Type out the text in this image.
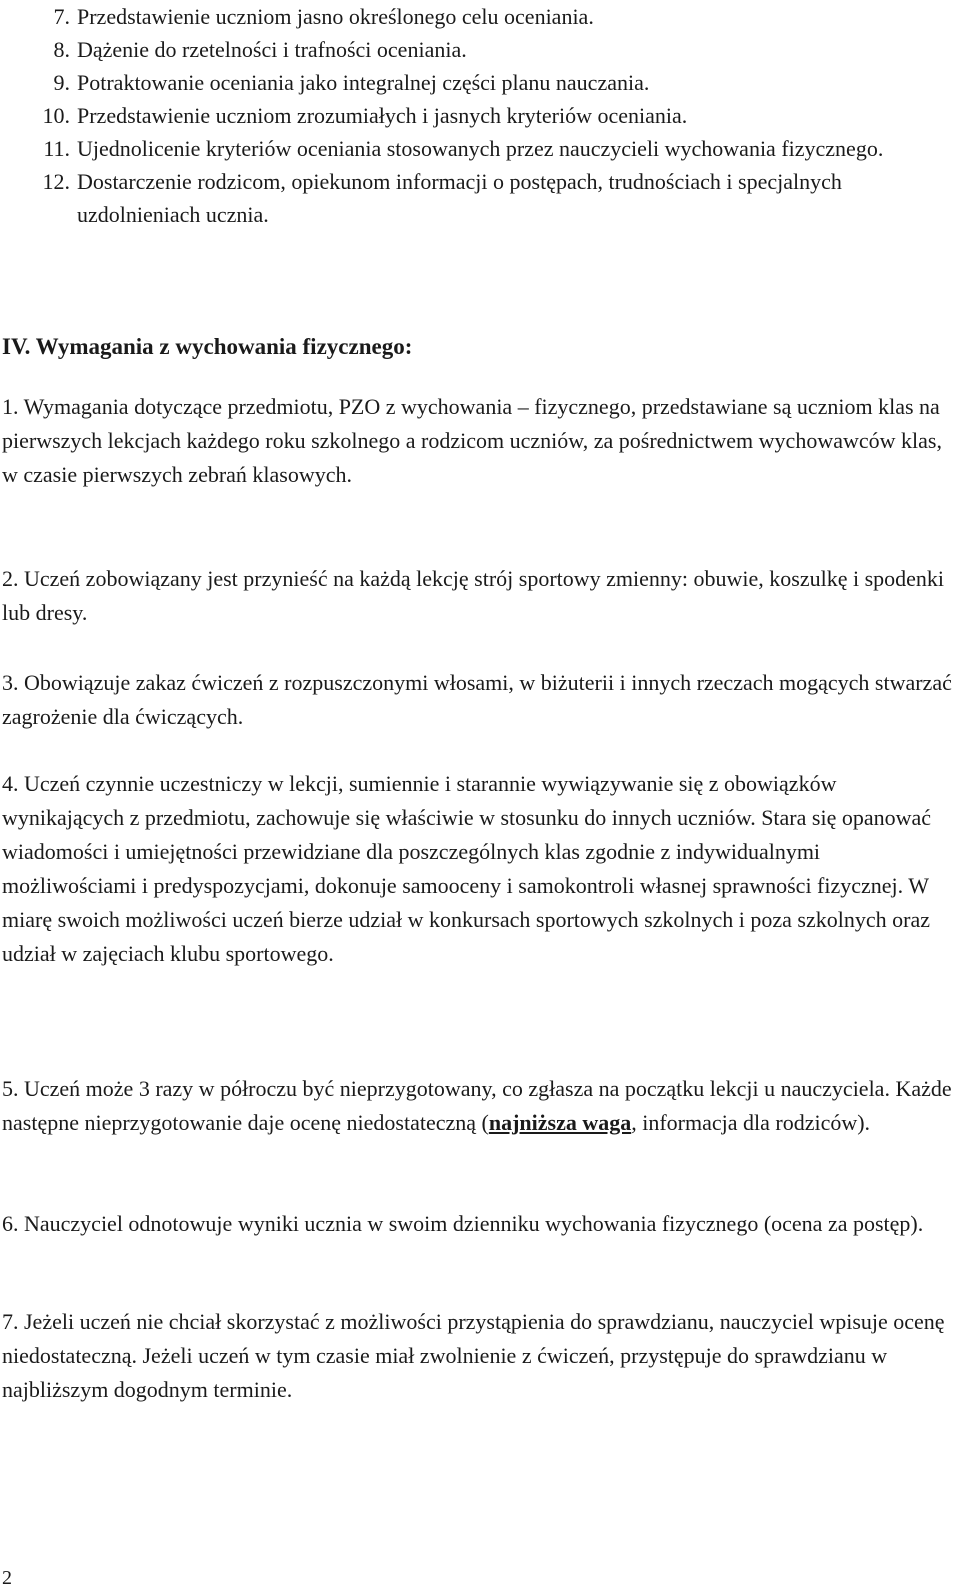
7. Przedstawienie uczniom jasno określonego celu oceniania.
8. Dążenie do rzetelności i trafności oceniania.
9. Potraktowanie oceniania jako integralnej części planu nauczania.
10. Przedstawienie uczniom zrozumiałych i jasnych kryteriów oceniania.
11. Ujednolicenie kryteriów oceniania stosowanych przez nauczycieli wychowania fizycznego.
12. Dostarczenie rodzicom, opiekunom informacji o postępach, trudnościach i specjalnych uzdolnieniach ucznia.
IV. Wymagania z wychowania fizycznego:
1. Wymagania dotyczące przedmiotu, PZO z wychowania – fizycznego, przedstawiane są uczniom klas na pierwszych lekcjach każdego roku szkolnego a rodzicom uczniów, za pośrednictwem wychowawców klas, w czasie pierwszych zebrań klasowych.
2. Uczeń zobowiązany jest przynieść na każdą lekcję strój sportowy zmienny: obuwie, koszulkę i spodenki lub dresy.
3. Obowiązuje zakaz ćwiczeń z rozpuszczonymi włosami, w biżuterii i innych rzeczach mogących stwarzać zagrożenie dla ćwiczących.
4. Uczeń czynnie uczestniczy w lekcji, sumiennie i starannie wywiązywanie się z obowiązków wynikających z przedmiotu, zachowuje się właściwie w stosunku do innych uczniów. Stara się opanować wiadomości i umiejętności przewidziane dla poszczególnych klas zgodnie z indywidualnymi możliwościami i predyspozycjami, dokonuje samooceny i samokontroli własnej sprawności fizycznej. W miarę swoich możliwości uczeń bierze udział w konkursach sportowych szkolnych i poza szkolnych oraz udział w zajęciach klubu sportowego.
5. Uczeń może 3 razy w półroczu być nieprzygotowany, co zgłasza na początku lekcji u nauczyciela. Każde następne nieprzygotowanie daje ocenę niedostateczną (najniższa waga, informacja dla rodziców).
6. Nauczyciel odnotowuje wyniki ucznia w swoim dzienniku wychowania fizycznego (ocena za postęp).
7. Jeżeli uczeń nie chciał skorzystać z możliwości przystąpienia do sprawdzianu, nauczyciel wpisuje ocenę niedostateczną. Jeżeli uczeń w tym czasie miał zwolnienie z ćwiczeń, przystępuje do sprawdzianu w najbliższym dogodnym terminie.
2
